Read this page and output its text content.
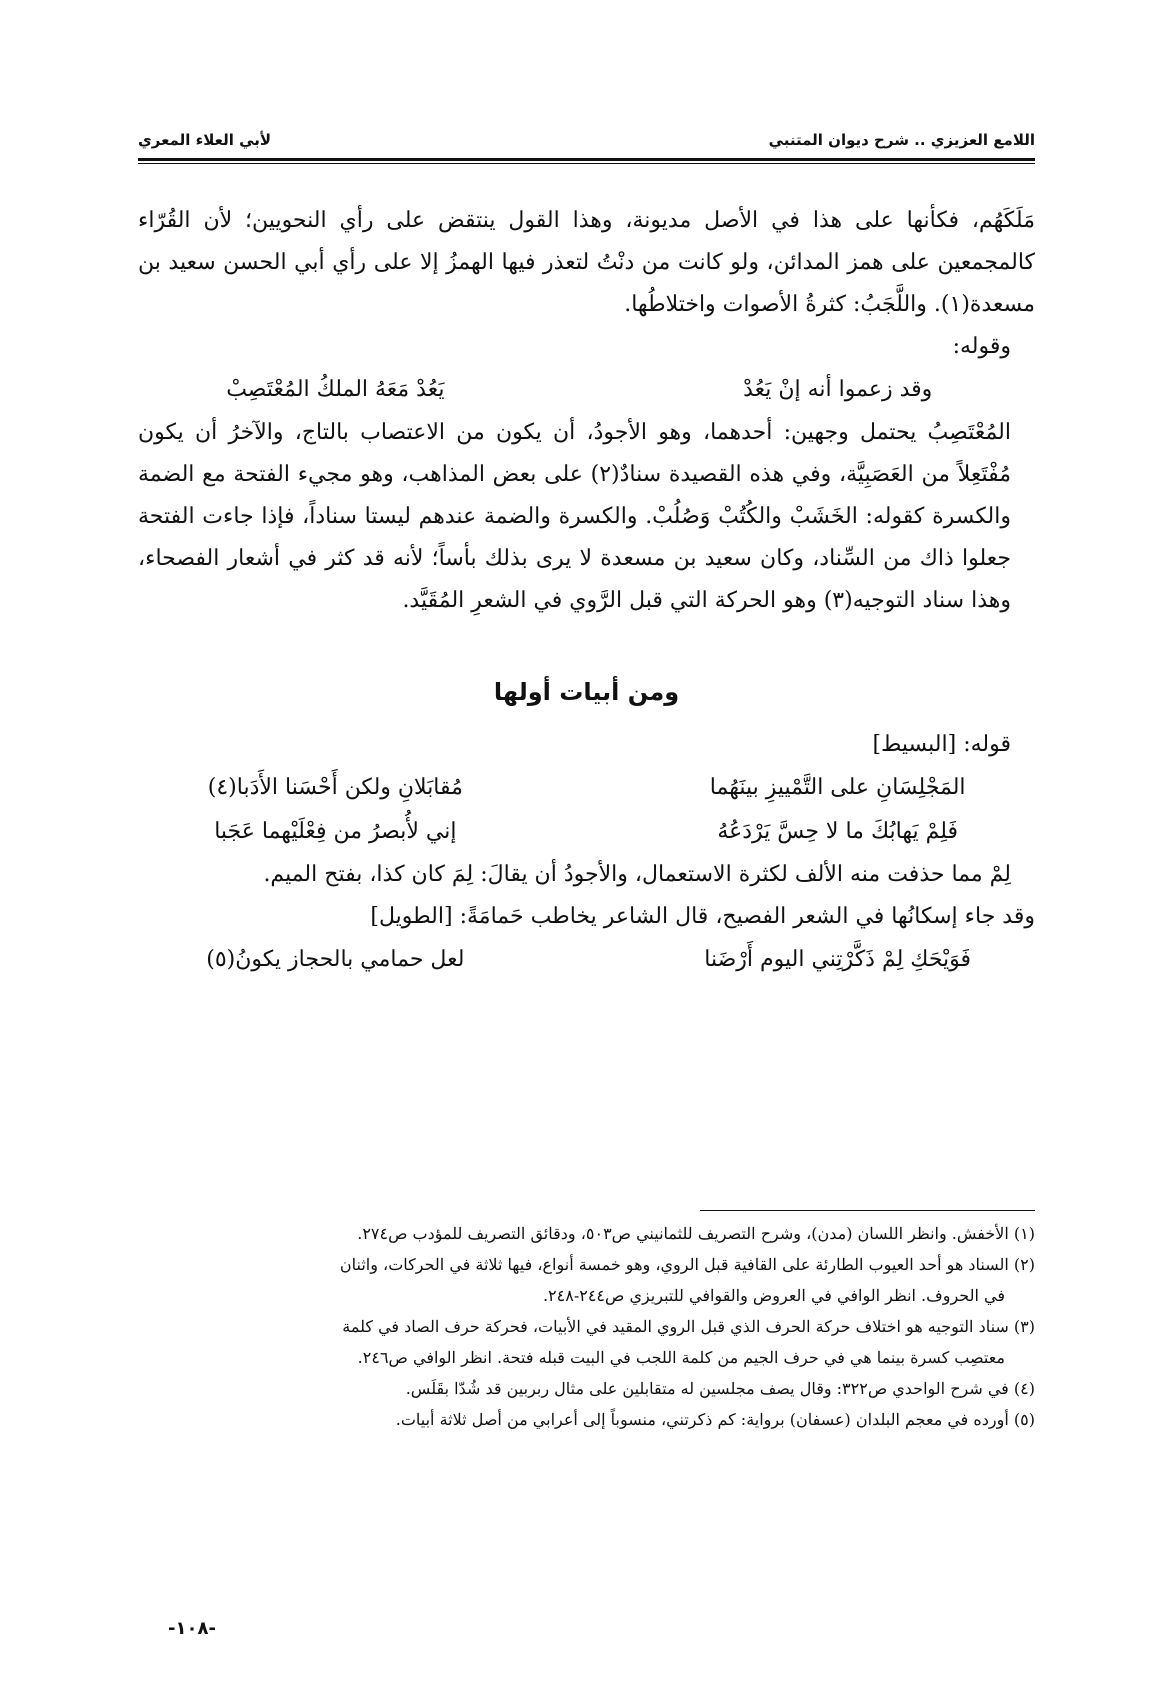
لأبي العلاء المعري	اللامع العزيزي .. شرح ديوان المتنبي

مَلَكَهُم، فكأنها على هذا في الأصل مديونة، وهذا القول ينتقض على رأي النحويين؛ لأن القُرّاء كالمجمعين على همز المدائن، ولو كانت من دنْتُ لتعذر فيها الهمزُ إلا على رأي أبي الحسن سعيد بن مسعدة(١). واللَّجَبُ: كثرةُ الأصوات واختلاطُها.

وقوله:

وقد زعموا أنه إنْ يَعُدْ
يَعُدْ مَعَهُ الملكُ المُعْتَصِبْ

المُعْتَصِبُ يحتمل وجهين: أحدهما، وهو الأجودُ، أن يكون من الاعتصاب بالتاج، والآخرُ أن يكون مُفْتَعِلاً من العَصَبِيَّة، وفي هذه القصيدة سنادٌ(٢) على بعض المذاهب، وهو مجيء الفتحة مع الضمة والكسرة كقوله: الخَشَبْ والكُتُبْ وَصُلُبْ. والكسرة والضمة عندهم ليستا سناداً، فإذا جاءت الفتحة جعلوا ذاك من السِّناد، وكان سعيد بن مسعدة لا يرى بذلك بأساً؛ لأنه قد كثر في أشعار الفصحاء، وهذا سناد التوجيه(٣) وهو الحركة التي قبل الرَّوي في الشعرِ المُقَيَّد.

ومن أبيات أولها

قوله: [البسيط]

المَجْلِسَانِ على التَّمْييزِ بينَهُما
مُقابَلانِ ولكن أَحْسَنا الأَدَبا(٤)
فَلِمْ يَهابُكَ ما لا حِسَّ يَرْدَعُهُ
إني لأُبصرُ من فِعْلَيْهما عَجَبا

لِمْ مما حذفت منه الألف لكثرة الاستعمال، والأجودُ أن يقالَ: لِمَ كان كذا، بفتح الميم.

وقد جاء إسكانُها في الشعر الفصيح، قال الشاعر يخاطب حَمامَةً: [الطويل]

فَوَيْحَكِ لِمْ ذَكَّرْتِني اليوم أَرْضَنا
لعل حمامي بالحجاز يكونُ(٥)

(١) الأخفش. وانظر اللسان (مدن)، وشرح التصريف للثمانيني ص٥٠٣، ودقائق التصريف للمؤدب ص٢٧٤.

(٢) السناد هو أحد العيوب الطارئة على القافية قبل الروي، وهو خمسة أنواع، فيها ثلاثة في الحركات، واثنان

في الحروف. انظر الوافي في العروض والقوافي للتبريزي ص٢٤٤-٢٤٨.

(٣) سناد التوجيه هو اختلاف حركة الحرف الذي قبل الروي المقيد في الأبيات، فحركة حرف الصاد في كلمة

معتصِب كسرة بينما هي في حرف الجيم من كلمة اللجب في البيت قبله فتحة. انظر الوافي ص٢٤٦.

(٤) في شرح الواحدي ص٣٢٢: وقال يصف مجلسين له متقابلين على مثال ربربين قد شُدّا بقَلَس.

(٥) أورده في معجم البلدان (عسفان) برواية: كم ذكرتني، منسوباً إلى أعرابي من أصل ثلاثة أبيات.

-١٠٨-
